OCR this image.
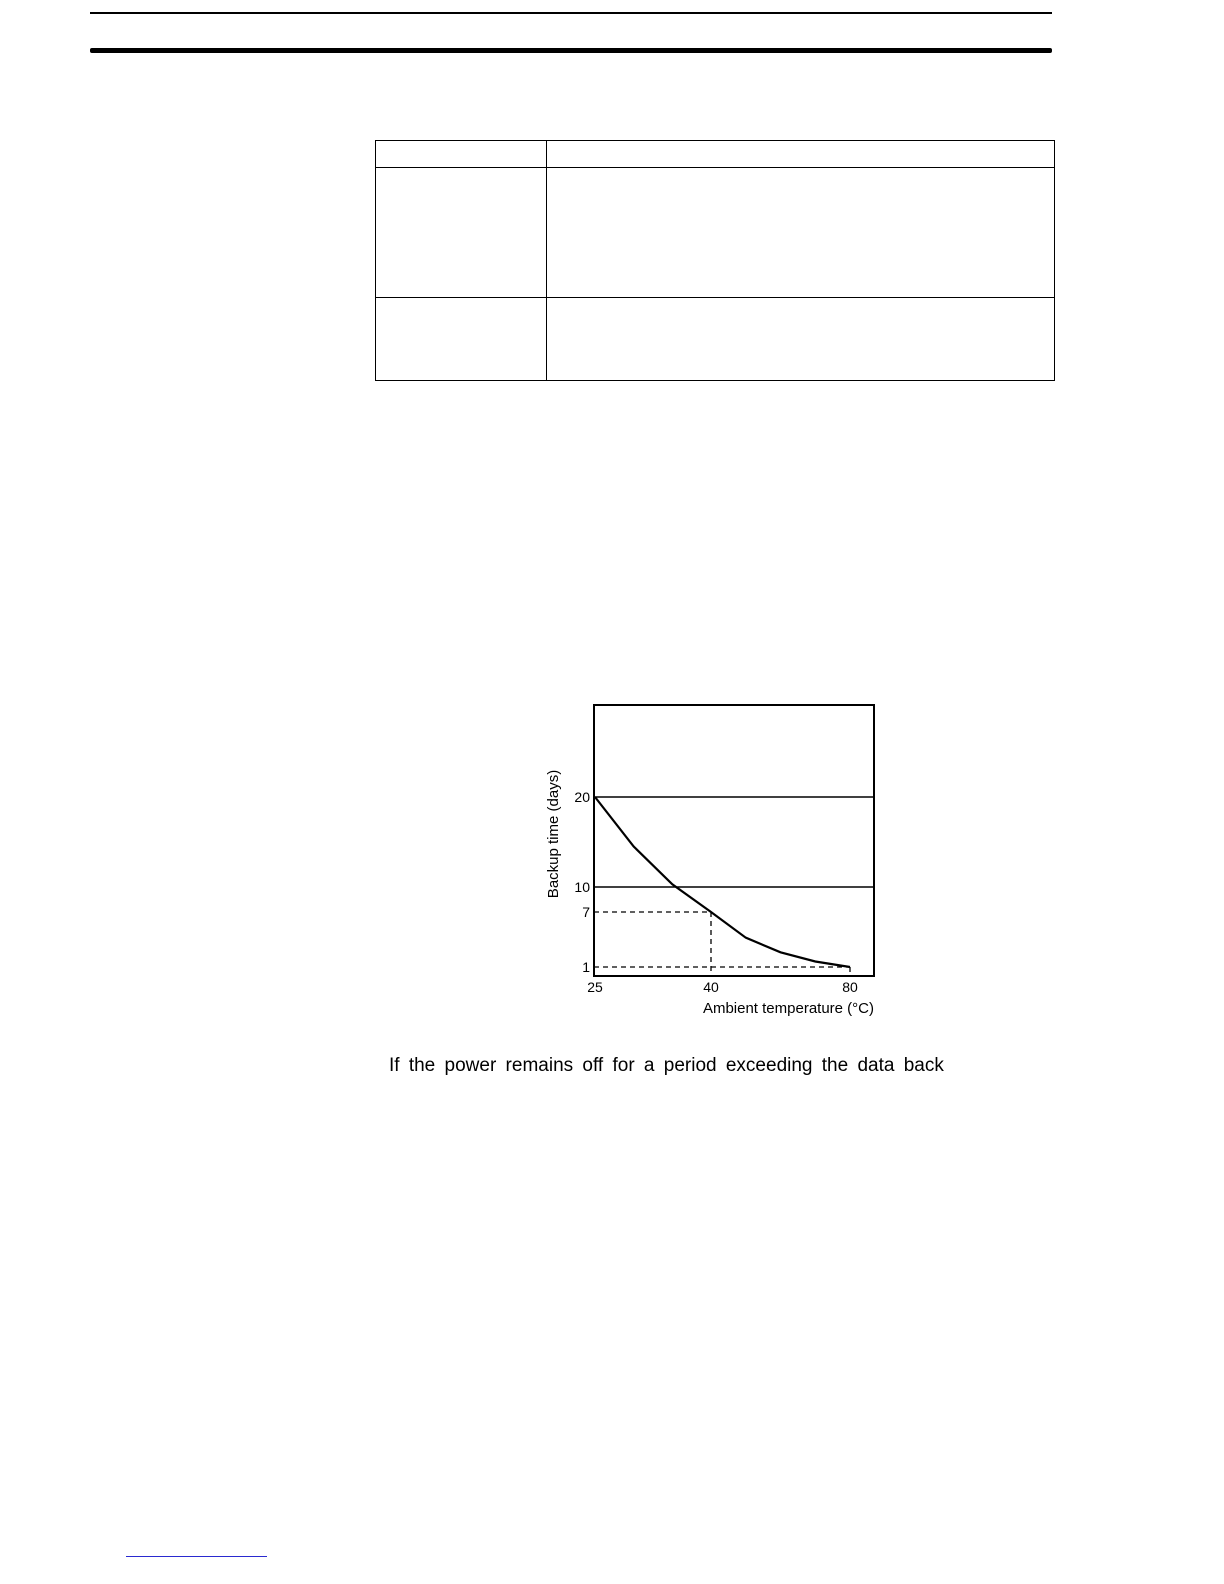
1
7
10
20
25	40	80
Backup time (days)
Ambient temperature (°C)
If the power remains off for a period exceeding the data back
